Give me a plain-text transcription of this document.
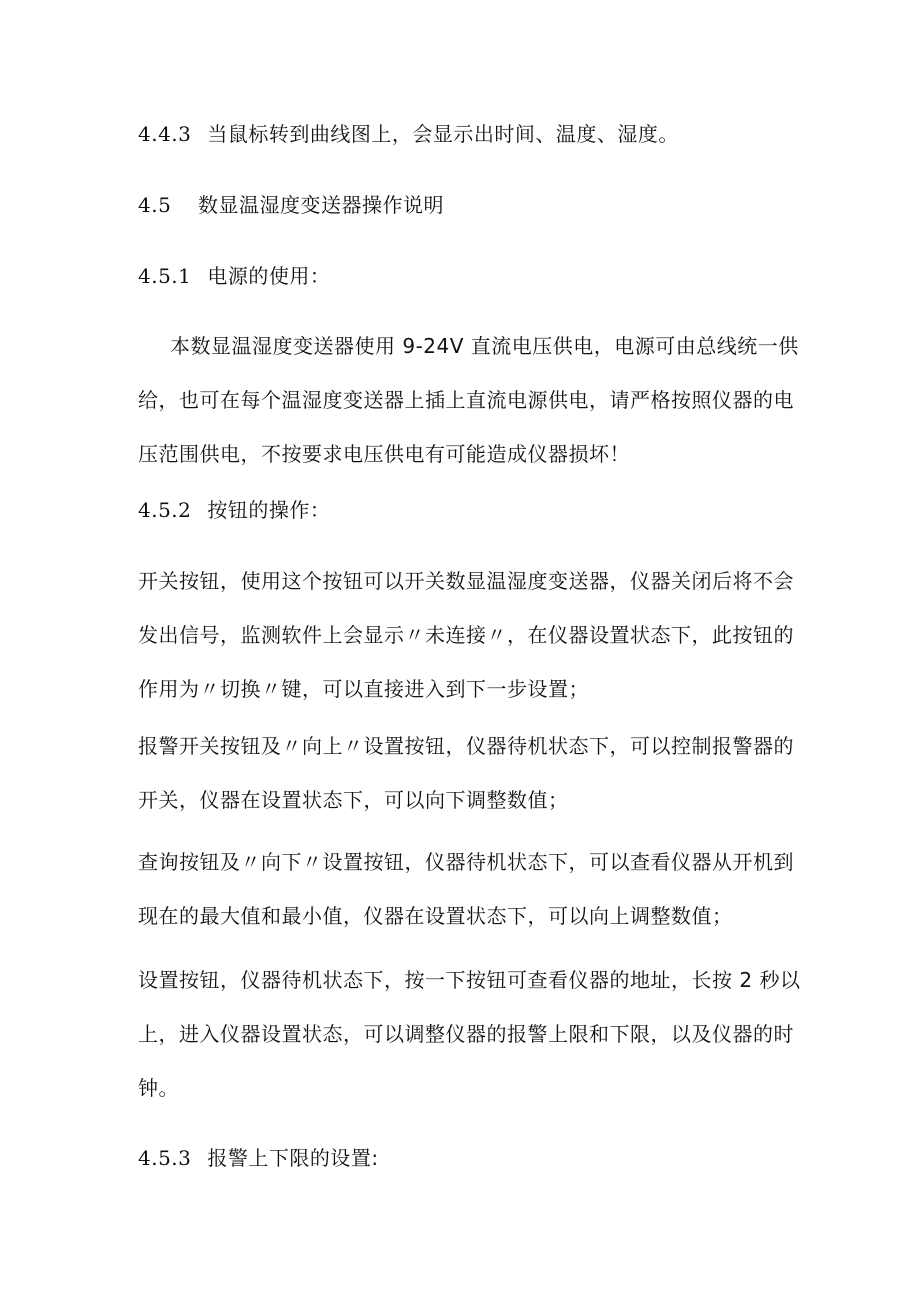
4.4.3 当鼠标转到曲线图上，会显示出时间、温度、湿度。
4.5 数显温湿度变送器操作说明
4.5.1 电源的使用：
本数显温湿度变送器使用 9-24V 直流电压供电，电源可由总线统一供
给，也可在每个温湿度变送器上插上直流电源供电，请严格按照仪器的电
压范围供电，不按要求电压供电有可能造成仪器损坏！
4.5.2 按钮的操作：
开关按钮，使用这个按钮可以开关数显温湿度变送器，仪器关闭后将不会
发出信号，监测软件上会显示〃未连接〃，在仪器设置状态下，此按钮的
作用为〃切换〃键，可以直接进入到下一步设置；
报警开关按钮及〃向上〃设置按钮，仪器待机状态下，可以控制报警器的
开关，仪器在设置状态下，可以向下调整数值；
查询按钮及〃向下〃设置按钮，仪器待机状态下，可以查看仪器从开机到
现在的最大值和最小值，仪器在设置状态下，可以向上调整数值；
设置按钮，仪器待机状态下，按一下按钮可查看仪器的地址，长按 2 秒以
上，进入仪器设置状态，可以调整仪器的报警上限和下限，以及仪器的时
钟。
4.5.3 报警上下限的设置:
